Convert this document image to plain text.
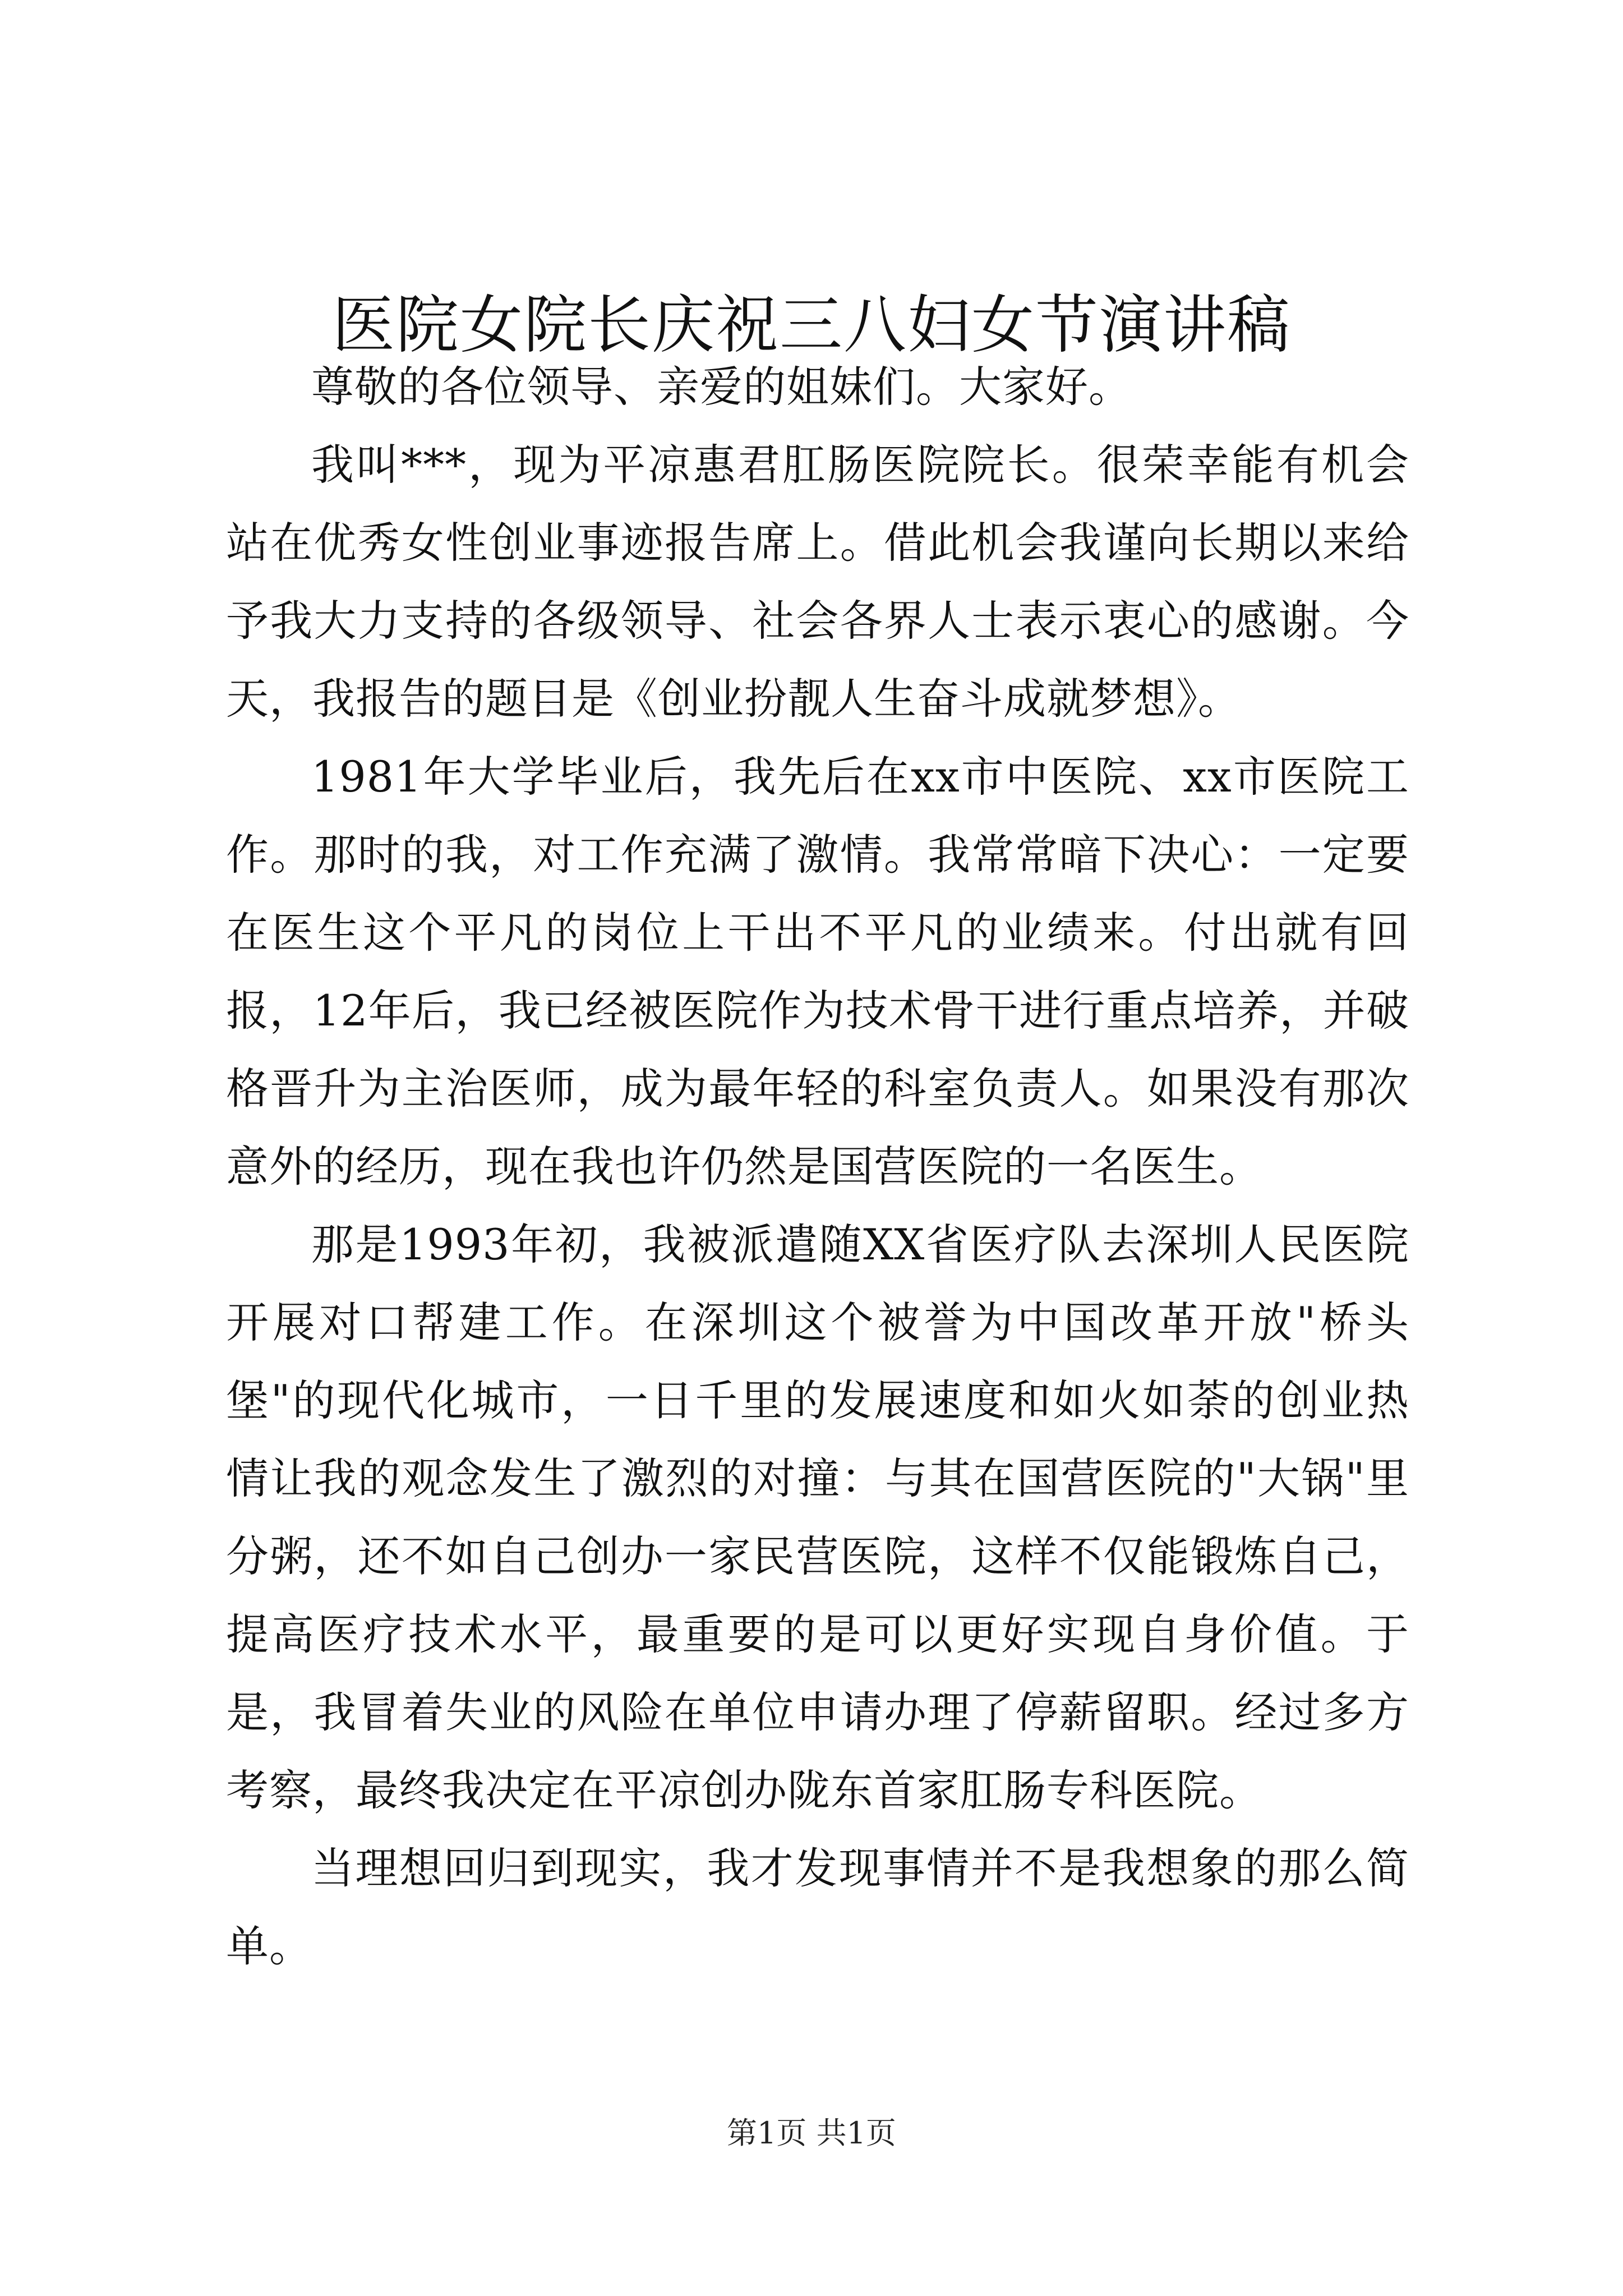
医院女院长庆祝三八妇女节演讲稿

尊敬的各位领导、亲爱的姐妹们。大家好。

我叫***，现为平凉惠君肛肠医院院长。很荣幸能有机会站在优秀女性创业事迹报告席上。借此机会我谨向长期以来给予我大力支持的各级领导、社会各界人士表示衷心的感谢。今天，我报告的题目是《创业扮靓人生奋斗成就梦想》。

1981年大学毕业后，我先后在xx市中医院、xx市医院工作。那时的我，对工作充满了激情。我常常暗下决心：一定要在医生这个平凡的岗位上干出不平凡的业绩来。付出就有回报，12年后，我已经被医院作为技术骨干进行重点培养，并破格晋升为主治医师，成为最年轻的科室负责人。如果没有那次意外的经历，现在我也许仍然是国营医院的一名医生。

那是1993年初，我被派遣随XX省医疗队去深圳人民医院开展对口帮建工作。在深圳这个被誉为中国改革开放"桥头堡"的现代化城市，一日千里的发展速度和如火如荼的创业热情让我的观念发生了激烈的对撞：与其在国营医院的"大锅"里分粥，还不如自己创办一家民营医院，这样不仅能锻炼自己，提高医疗技术水平，最重要的是可以更好实现自身价值。于是，我冒着失业的风险在单位申请办理了停薪留职。经过多方考察，最终我决定在平凉创办陇东首家肛肠专科医院。

当理想回归到现实，我才发现事情并不是我想象的那么简单。

第1页 共1页
